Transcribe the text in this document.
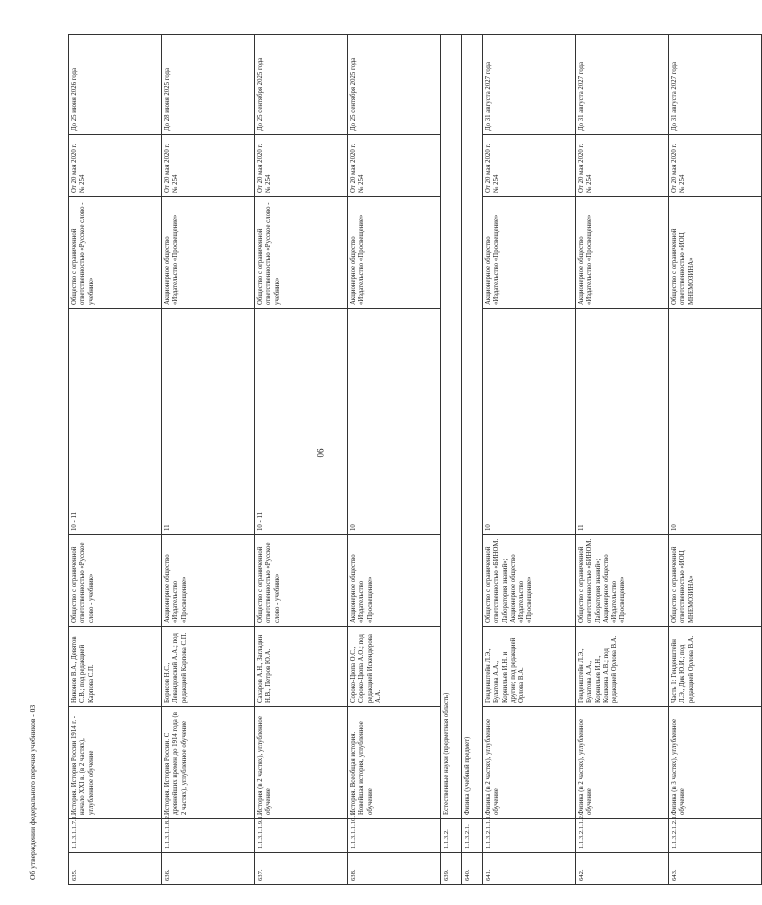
90
Об утверждении федерального перечня учебников - 03	635.	1.1.3.1.1.7.1.	История. История России 1914 г. - начало XXI в. (в 2 частях), углубленное обучение	Никонов В.А., Девятов С.В.; под редакцией Карпова С.П.	Общество с ограниченной ответственностью «Русское слово - учебник»	10 - 11	Общество с ограниченной ответственностью «Русское слово - учебник»	От 20 мая 2020 г. № 254	До 25 июня 2026 года
636.	1.1.3.1.1.8.2.	История. История России. С древнейших времен до 1914 года (в 2 частях), углубленное обучение	Борисов Н.С., Левандовский А.А.; под редакцией Карпова С.П.	Акционерное общество «Издательство «Просвещение»	11	Акционерное общество «Издательство «Просвещение»	От 20 мая 2020 г. № 254	До 28 июня 2025 года
637.	1.1.3.1.1.9.1.	История (в 2 частях), углубленное обучение	Сахаров А.Н., Загладин Н.В., Петров Ю.А.	Общество с ограниченной ответственностью «Русское слово - учебник»	10 - 11	Общество с ограниченной ответственностью «Русское слово - учебник»	От 20 мая 2020 г. № 254	До 25 сентября 2025 года
638.	1.1.3.1.1.10.1.	История. Всеобщая история. Новейшая история, углубленное обучение	Сороко-Цюпа О.С., Сороко-Цюпа А.О.; под редакцией Искендерова А.А.	Акционерное общество «Издательство «Просвещение»	10	Акционерное общество «Издательство «Просвещение»	От 20 мая 2020 г. № 254	До 25 сентября 2025 года
639.	1.1.3.2.	Естественные науки (предметная область)						
640.	1.1.3.2.1.	Физика (учебный предмет)						
641.	1.1.3.2.1.1.1.	Физика (в 2 частях), углубленное обучение	Генденштейн Л.Э., Булатова А.А., Корнильев И.Н. и другие; под редакцией Орлова В.А.	Общество с ограниченной ответственностью «БИНОМ. Лаборатория знаний»; Акционерное общество «Издательство «Просвещение»	10	Акционерное общество «Издательство «Просвещение»	От 20 мая 2020 г. № 254	До 31 августа 2027 года
642.	1.1.3.2.1.1.2.	Физика (в 2 частях), углубленное обучение	Генденштейн Л.Э., Булатова А.А., Корнильев И.Н., Кошкина А.В.; под редакцией Орлова В.А.	Общество с ограниченной ответственностью «БИНОМ. Лаборатория знаний»; Акционерное общество «Издательство «Просвещение»	11	Акционерное общество «Издательство «Просвещение»	От 20 мая 2020 г. № 254	До 31 августа 2027 года
643.	1.1.3.2.1.2.1.	Физика (в 3 частях), углубленное обучение	Часть 1: Генденштейн Л.Э., Дик Ю.И.; под редакцией Орлова В.А.	Общество с ограниченной ответственностью «ИОЦ МНЕМОЗИНА»	10	Общество с ограниченной ответственностью «ИОЦ МНЕМОЗИНА»	От 20 мая 2020 г. № 254	До 31 августа 2027 года
